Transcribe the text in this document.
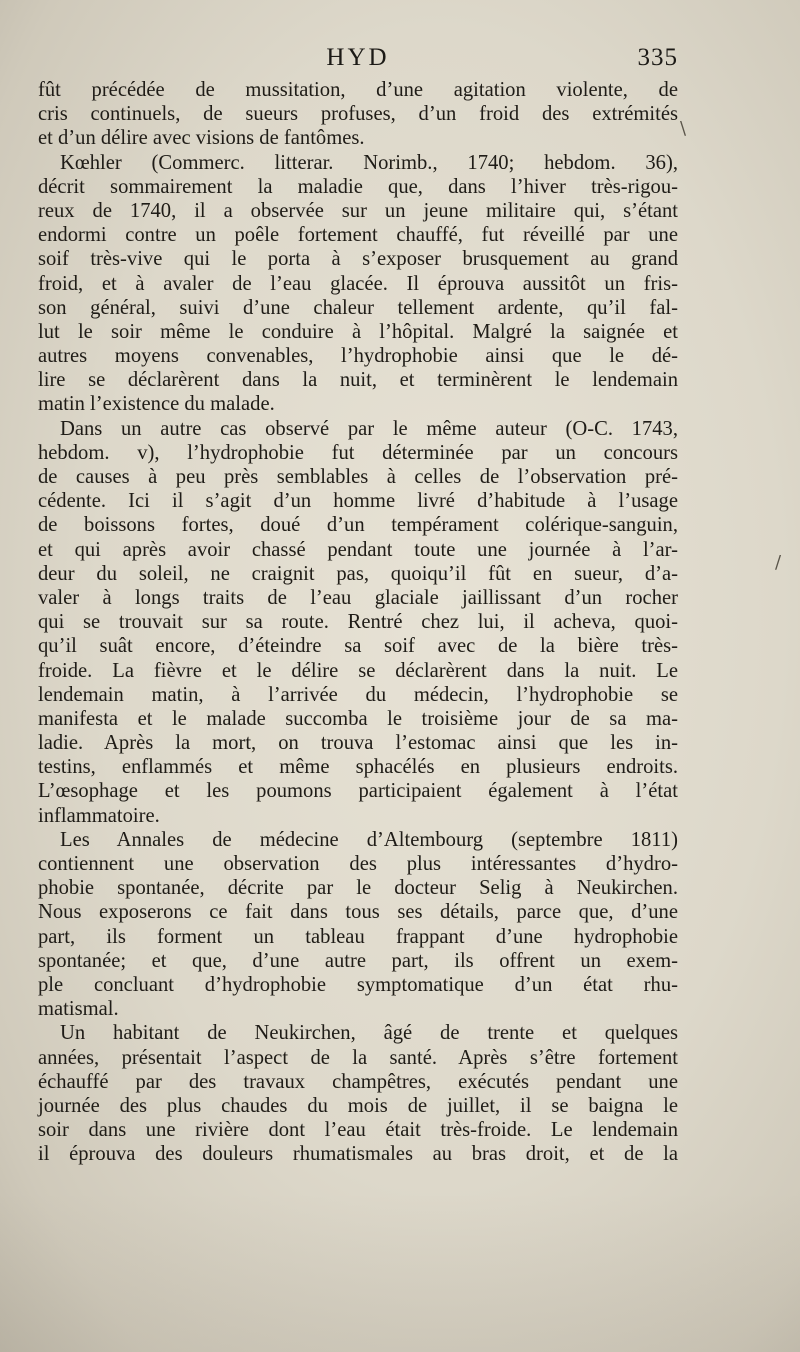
HYD	335
fût précédée de mussitation, d’une agitation violente, de
cris continuels, de sueurs profuses, d’un froid des extrémités
et d’un délire avec visions de fantômes.
Kœhler (Commerc. litterar. Norimb., 1740; hebdom. 36),
décrit sommairement la maladie que, dans l’hiver très-rigou-
reux de 1740, il a observée sur un jeune militaire qui, s’étant
endormi contre un poêle fortement chauffé, fut réveillé par une
soif très-vive qui le porta à s’exposer brusquement au grand
froid, et à avaler de l’eau glacée. Il éprouva aussitôt un fris-
son général, suivi d’une chaleur tellement ardente, qu’il fal-
lut le soir même le conduire à l’hôpital. Malgré la saignée et
autres moyens convenables, l’hydrophobie ainsi que le dé-
lire se déclarèrent dans la nuit, et terminèrent le lendemain
matin l’existence du malade.
Dans un autre cas observé par le même auteur (O-C. 1743,
hebdom. v), l’hydrophobie fut déterminée par un concours
de causes à peu près semblables à celles de l’observation pré-
cédente. Ici il s’agit d’un homme livré d’habitude à l’usage
de boissons fortes, doué d’un tempérament colérique-sanguin,
et qui après avoir chassé pendant toute une journée à l’ar-
deur du soleil, ne craignit pas, quoiqu’il fût en sueur, d’a-
valer à longs traits de l’eau glaciale jaillissant d’un rocher
qui se trouvait sur sa route. Rentré chez lui, il acheva, quoi-
qu’il suât encore, d’éteindre sa soif avec de la bière très-
froide. La fièvre et le délire se déclarèrent dans la nuit. Le
lendemain matin, à l’arrivée du médecin, l’hydrophobie se
manifesta et le malade succomba le troisième jour de sa ma-
ladie. Après la mort, on trouva l’estomac ainsi que les in-
testins, enflammés et même sphacélés en plusieurs endroits.
L’œsophage et les poumons participaient également à l’état
inflammatoire.
Les Annales de médecine d’Altembourg (septembre 1811)
contiennent une observation des plus intéressantes d’hydro-
phobie spontanée, décrite par le docteur Selig à Neukirchen.
Nous exposerons ce fait dans tous ses détails, parce que, d’une
part, ils forment un tableau frappant d’une hydrophobie
spontanée; et que, d’une autre part, ils offrent un exem-
ple concluant d’hydrophobie symptomatique d’un état rhu-
matismal.
Un habitant de Neukirchen, âgé de trente et quelques
années, présentait l’aspect de la santé. Après s’être fortement
échauffé par des travaux champêtres, exécutés pendant une
journée des plus chaudes du mois de juillet, il se baigna le
soir dans une rivière dont l’eau était très-froide. Le lendemain
il éprouva des douleurs rhumatismales au bras droit, et de la
\
/
